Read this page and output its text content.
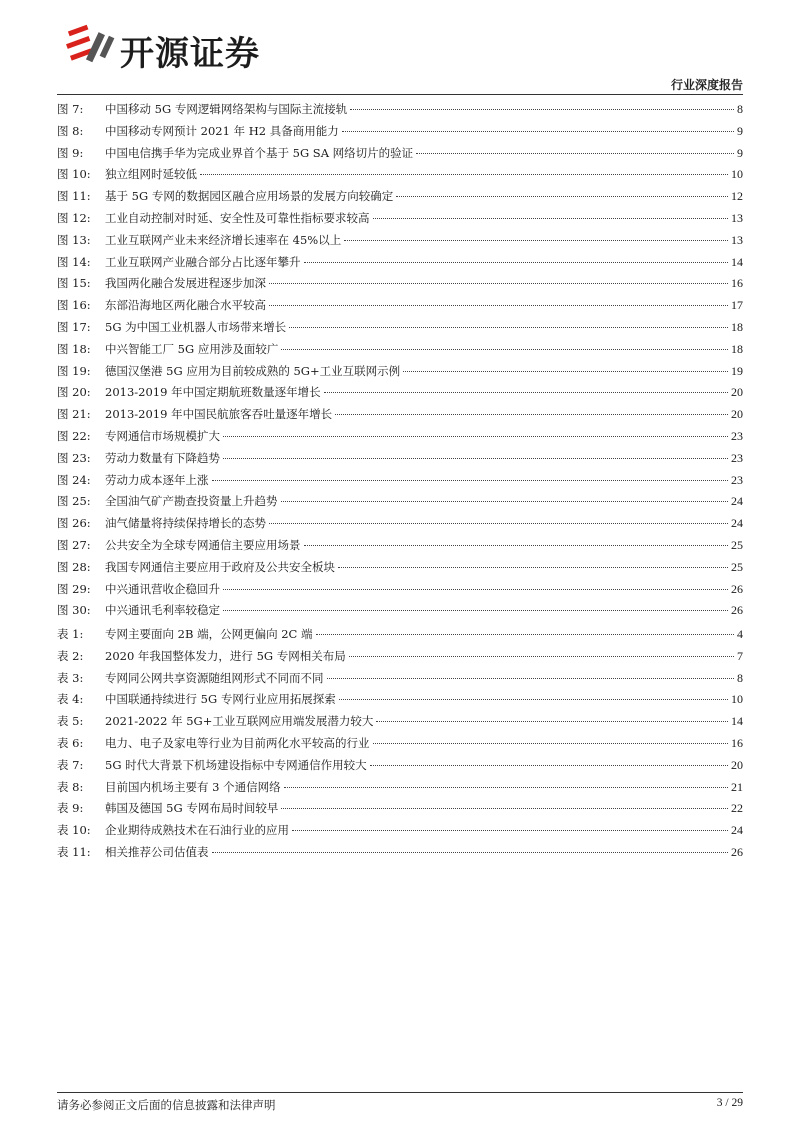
开源证券
行业深度报告
图 7:	中国移动 5G 专网逻辑网络架构与国际主流接轨	8
图 8:	中国移动专网预计 2021 年 H2 具备商用能力	9
图 9:	中国电信携手华为完成业界首个基于 5G SA 网络切片的验证	9
图 10:	独立组网时延较低	10
图 11:	基于 5G 专网的数据园区融合应用场景的发展方向较确定	12
图 12:	工业自动控制对时延、安全性及可靠性指标要求较高	13
图 13:	工业互联网产业未来经济增长速率在 45%以上	13
图 14:	工业互联网产业融合部分占比逐年攀升	14
图 15:	我国两化融合发展进程逐步加深	16
图 16:	东部沿海地区两化融合水平较高	17
图 17:	5G 为中国工业机器人市场带来增长	18
图 18:	中兴智能工厂 5G 应用涉及面较广	18
图 19:	德国汉堡港 5G 应用为目前较成熟的 5G+工业互联网示例	19
图 20:	2013-2019 年中国定期航班数量逐年增长	20
图 21:	2013-2019 年中国民航旅客吞吐量逐年增长	20
图 22:	专网通信市场规模扩大	23
图 23:	劳动力数量有下降趋势	23
图 24:	劳动力成本逐年上涨	23
图 25:	全国油气矿产勘查投资量上升趋势	24
图 26:	油气储量将持续保持增长的态势	24
图 27:	公共安全为全球专网通信主要应用场景	25
图 28:	我国专网通信主要应用于政府及公共安全板块	25
图 29:	中兴通讯营收企稳回升	26
图 30:	中兴通讯毛利率较稳定	26
表 1:	专网主要面向 2B 端，公网更偏向 2C 端	4
表 2:	2020 年我国整体发力，进行 5G 专网相关布局	7
表 3:	专网同公网共享资源随组网形式不同而不同	8
表 4:	中国联通持续进行 5G 专网行业应用拓展探索	10
表 5:	2021-2022 年 5G+工业互联网应用端发展潜力较大	14
表 6:	电力、电子及家电等行业为目前两化水平较高的行业	16
表 7:	5G 时代大背景下机场建设指标中专网通信作用较大	20
表 8:	目前国内机场主要有 3 个通信网络	21
表 9:	韩国及德国 5G 专网布局时间较早	22
表 10:	企业期待成熟技术在石油行业的应用	24
表 11:	相关推荐公司估值表	26
请务必参阅正文后面的信息披露和法律声明	3 / 29
